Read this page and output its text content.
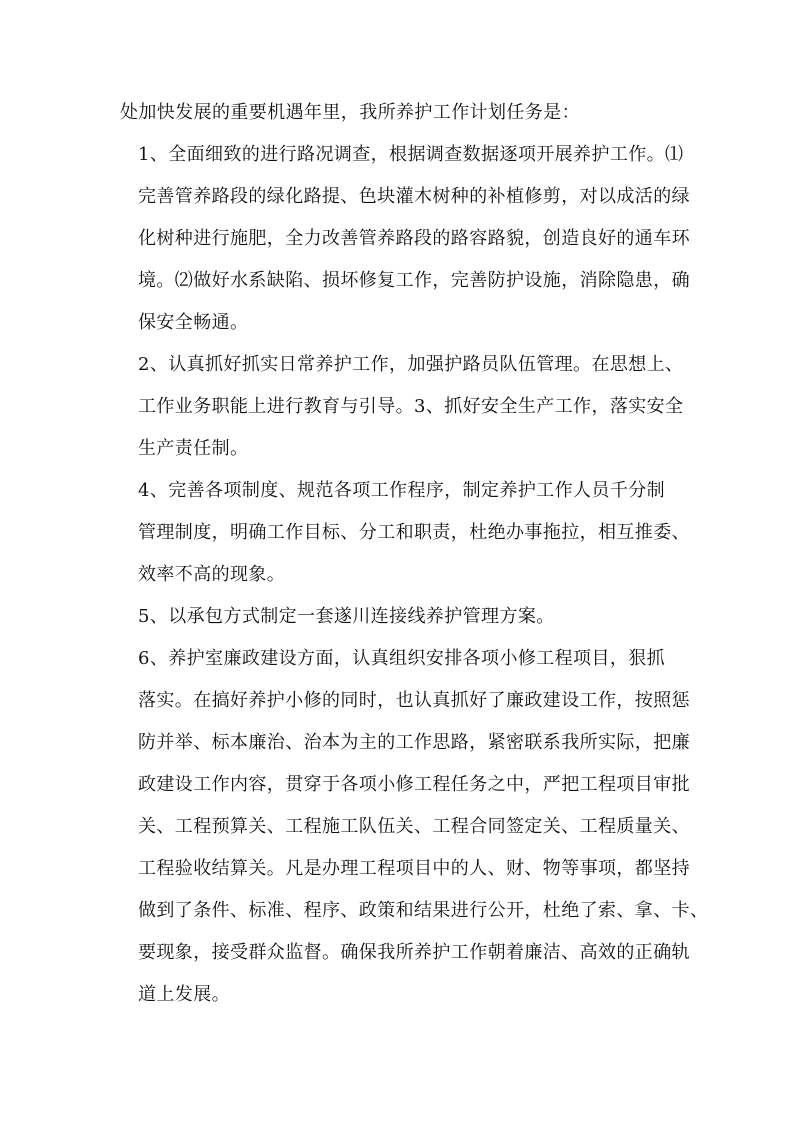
处加快发展的重要机遇年里，我所养护工作计划任务是：

1、全面细致的进行路况调查，根据调查数据逐项开展养护工作。⑴
完善管养路段的绿化路提、色块灌木树种的补植修剪，对以成活的绿
化树种进行施肥，全力改善管养路段的路容路貌，创造良好的通车环
境。⑵做好水系缺陷、损坏修复工作，完善防护设施，消除隐患，确
保安全畅通。

2、认真抓好抓实日常养护工作，加强护路员队伍管理。在思想上、
工作业务职能上进行教育与引导。3、抓好安全生产工作，落实安全
生产责任制。

4、完善各项制度、规范各项工作程序，制定养护工作人员千分制
管理制度，明确工作目标、分工和职责，杜绝办事拖拉，相互推委、
效率不高的现象。

5、以承包方式制定一套遂川连接线养护管理方案。

6、养护室廉政建设方面，认真组织安排各项小修工程项目，狠抓
落实。在搞好养护小修的同时，也认真抓好了廉政建设工作，按照惩
防并举、标本廉治、治本为主的工作思路，紧密联系我所实际，把廉
政建设工作内容，贯穿于各项小修工程任务之中，严把工程项目审批
关、工程预算关、工程施工队伍关、工程合同签定关、工程质量关、
工程验收结算关。凡是办理工程项目中的人、财、物等事项，都坚持
做到了条件、标准、程序、政策和结果进行公开，杜绝了索、拿、卡、
要现象，接受群众监督。确保我所养护工作朝着廉洁、高效的正确轨
道上发展。
